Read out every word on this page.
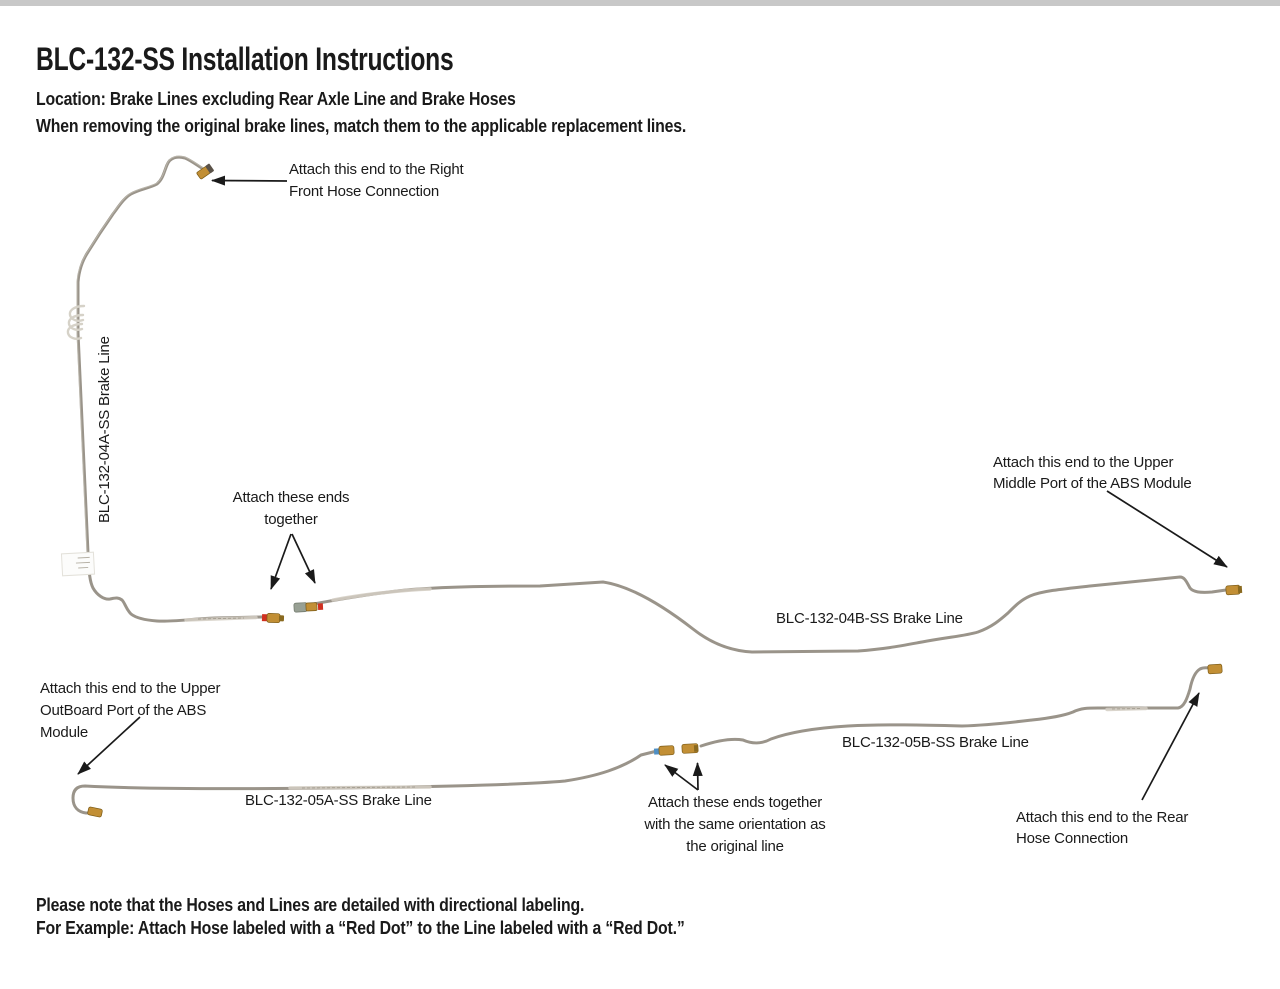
BLC-132-SS Installation Instructions
Location: Brake Lines excluding Rear Axle Line and Brake Hoses
When removing the original brake lines, match them to the applicable replacement lines.
Attach this end to the Right
Front Hose Connection
Attach these ends
together
Attach this end to the Upper
Middle Port of the ABS Module
Attach this end to the Upper
OutBoard Port of the ABS
Module
Attach these ends together
with the same orientation as
the original line
Attach this end to the Rear
Hose Connection
BLC-132-04A-SS Brake Line
BLC-132-04B-SS Brake Line
BLC-132-05A-SS Brake Line
BLC-132-05B-SS Brake Line
Please note that the Hoses and Lines are detailed with directional labeling.
For Example: Attach Hose labeled with a “Red Dot” to the Line labeled with a “Red Dot.”
